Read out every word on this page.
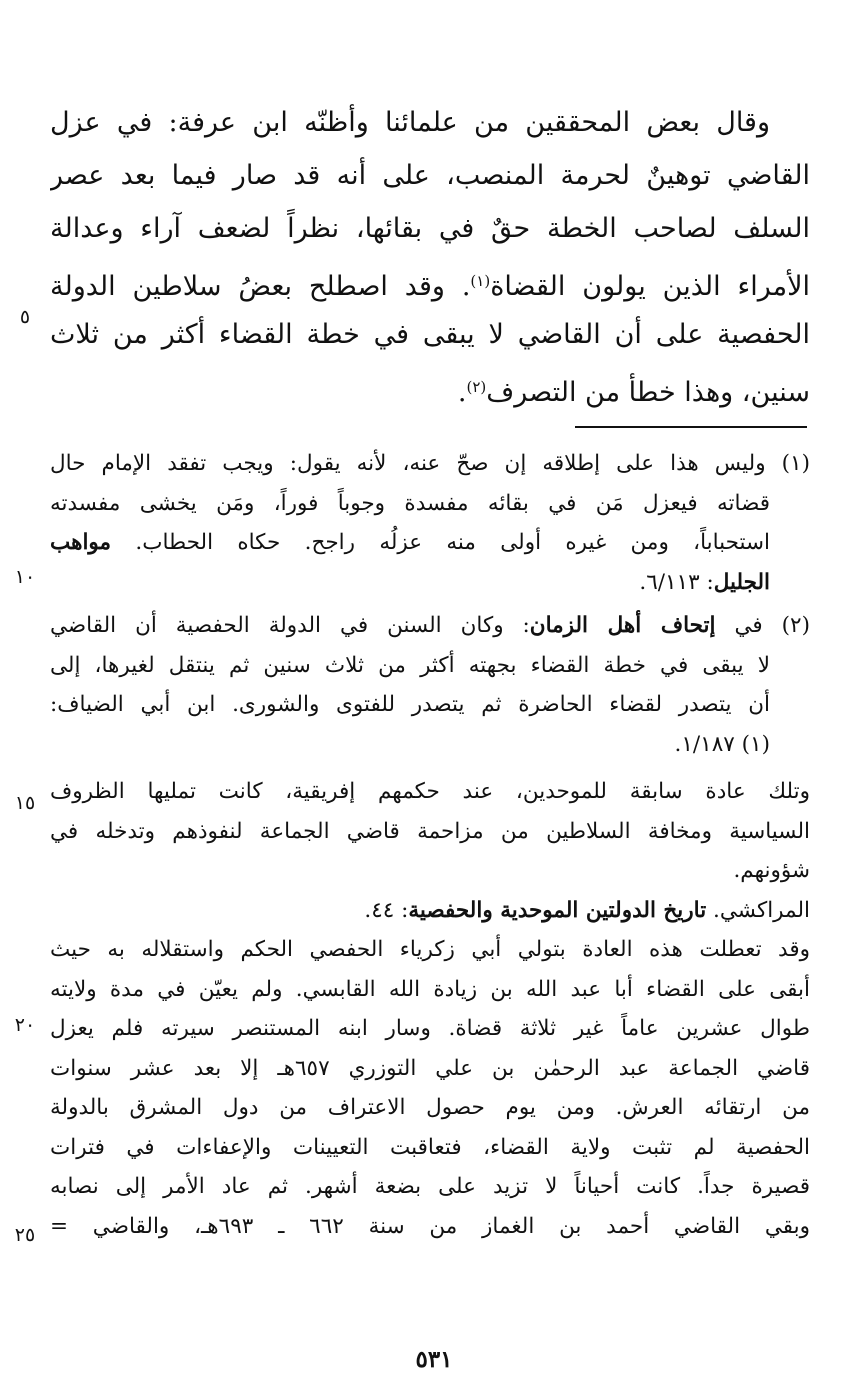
وقال بعض المحققين من علمائنا وأظنّه ابن عرفة: في عزل
القاضي توهينٌ لحرمة المنصب، على أنه قد صار فيما بعد عصر
السلف لصاحب الخطة حقٌ في بقائها، نظراً لضعف آراء وعدالة
الأمراء الذين يولون القضاة$^{(١)}$. وقد اصطلح بعضُ سلاطين الدولة
الحفصية على أن القاضي لا يبقى في خطة القضاء أكثر من ثلاث
سنين، وهذا خطأ من التصرف$^{(٢)}$.
(١) وليس هذا على إطلاقه إن صحّ عنه، لأنه يقول: ويجب تفقد الإمام حال
قضاته فيعزل مَن في بقائه مفسدة وجوباً فوراً، ومَن يخشى مفسدته
استحباباً، ومن غيره أولى منه عزلُه راجح. حكاه الحطاب. مواهب
الجليل: ٦/١١٣.
(٢) في إتحاف أهل الزمان: وكان السنن في الدولة الحفصية أن القاضي
لا يبقى في خطة القضاء بجهته أكثر من ثلاث سنين ثم ينتقل لغيرها، إلى
أن يتصدر لقضاء الحاضرة ثم يتصدر للفتوى والشورى. ابن أبي الضياف:
(١) ١/١٨٧.
وتلك عادة سابقة للموحدين، عند حكمهم إفريقية، كانت تمليها الظروف
السياسية ومخافة السلاطين من مزاحمة قاضي الجماعة لنفوذهم وتدخله في
شؤونهم.
المراكشي. تاريخ الدولتين الموحدية والحفصية: ٤٤.
وقد تعطلت هذه العادة بتولي أبي زكرياء الحفصي الحكم واستقلاله به حيث
أبقى على القضاء أبا عبد الله بن زيادة الله القابسي. ولم يعيّن في مدة ولايته
طوال عشرين عاماً غير ثلاثة قضاة. وسار ابنه المستنصر سيرته فلم يعزل
قاضي الجماعة عبد الرحمٰن بن علي التوزري ٦٥٧هـ إلا بعد عشر سنوات
من ارتقائه العرش. ومن يوم حصول الاعتراف من دول المشرق بالدولة
الحفصية لم تثبت ولاية القضاء، فتعاقبت التعيينات والإعفاءات في فترات
قصيرة جداً. كانت أحياناً لا تزيد على بضعة أشهر. ثم عاد الأمر إلى نصابه
وبقي القاضي أحمد بن الغماز من سنة ٦٦٢ ـ ٦٩٣هـ، والقاضي =
٥
١٠
١٥
٢٠
٢٥
٥٣١
